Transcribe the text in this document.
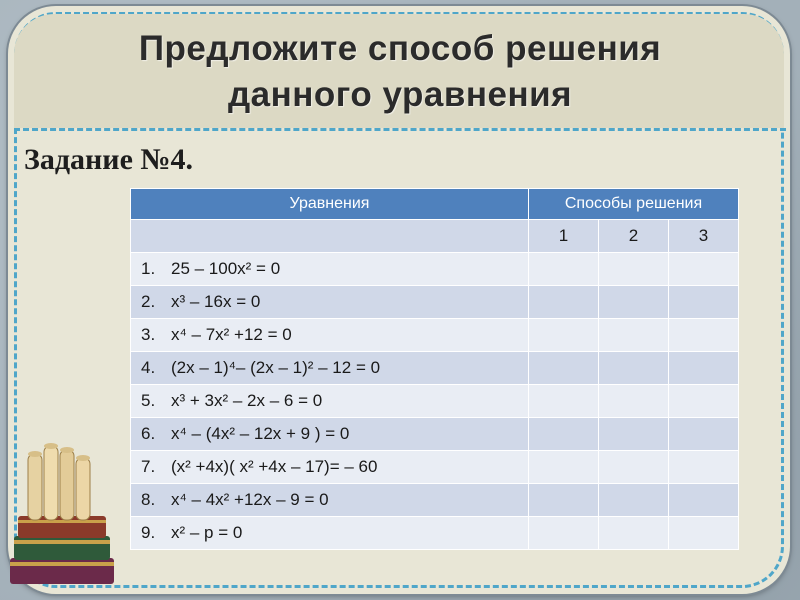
Предложите способ решения
данного уравнения
Задание №4.
Уравнения	Способы решения		
	1	2	3
1. 25 – 100x² = 0			
2. x³ – 16x = 0			
3. x⁴ – 7x² +12 = 0			
4. (2x – 1)⁴– (2x – 1)² – 12 = 0			
5. x³ + 3x² – 2x – 6 = 0			
6. x⁴ – (4x² – 12x + 9 ) = 0			
7. (x² +4x)( x² +4x – 17)= – 60			
8. x⁴ – 4x² +12x – 9 = 0			
9. x² – p = 0			
